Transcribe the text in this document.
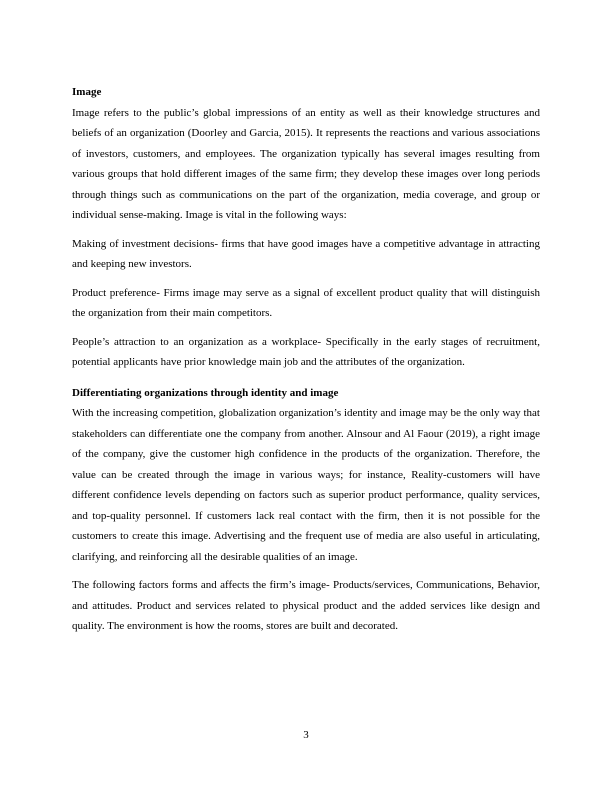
Image

Image refers to the public’s global impressions of an entity as well as their knowledge structures and beliefs of an organization (Doorley and Garcia, 2015). It represents the reactions and various associations of investors, customers, and employees. The organization typically has several images resulting from various groups that hold different images of the same firm; they develop these images over long periods through things such as communications on the part of the organization, media coverage, and group or individual sense-making. Image is vital in the following ways:

Making of investment decisions- firms that have good images have a competitive advantage in attracting and keeping new investors.

Product preference- Firms image may serve as a signal of excellent product quality that will distinguish the organization from their main competitors.

People’s attraction to an organization as a workplace- Specifically in the early stages of recruitment, potential applicants have prior knowledge main job and the attributes of the organization.

Differentiating organizations through identity and image

With the increasing competition, globalization organization’s identity and image may be the only way that stakeholders can differentiate one the company from another. Alnsour and Al Faour (2019), a right image of the company, give the customer high confidence in the products of the organization. Therefore, the value can be created through the image in various ways; for instance, Reality-customers will have different confidence levels depending on factors such as superior product performance, quality services, and top-quality personnel. If customers lack real contact with the firm, then it is not possible for the customers to create this image. Advertising and the frequent use of media are also useful in articulating, clarifying, and reinforcing all the desirable qualities of an image.

The following factors forms and affects the firm’s image- Products/services, Communications, Behavior, and attitudes. Product and services related to physical product and the added services like design and quality. The environment is how the rooms, stores are built and decorated.

3
